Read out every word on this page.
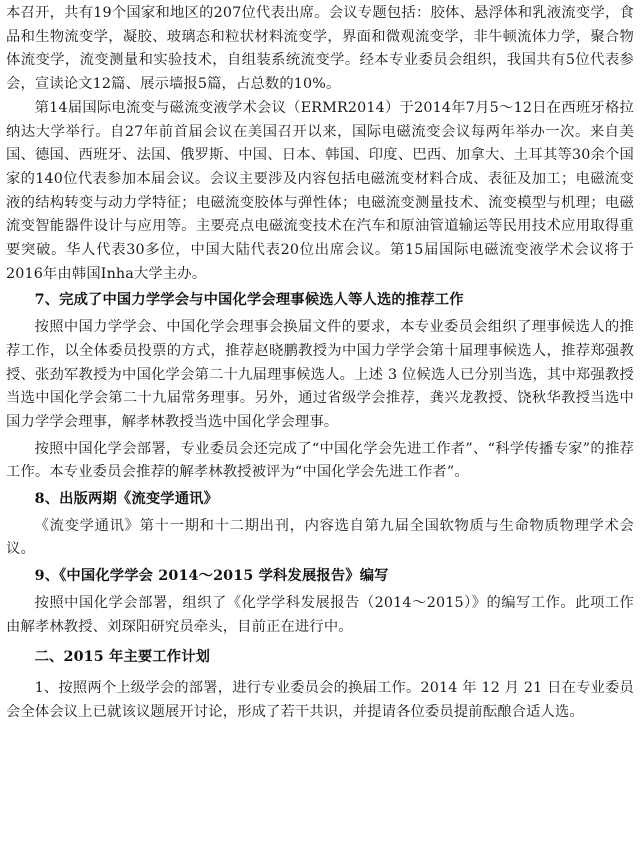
本召开，共有19个国家和地区的207位代表出席。会议专题包括：胶体、悬浮体和乳液流变学，食品和生物流变学，凝胶、玻璃态和粒状材料流变学，界面和微观流变学，非牛顿流体力学，聚合物体流变学，流变测量和实验技术，自组装系统流变学。经本专业委员会组织，我国共有5位代表参会，宣读论文12篇、展示墙报5篇，占总数的10%。

第14届国际电流变与磁流变液学术会议（ERMR2014）于2014年7月5～12日在西班牙格拉纳达大学举行。自27年前首届会议在美国召开以来，国际电磁流变会议每两年举办一次。来自美国、德国、西班牙、法国、俄罗斯、中国、日本、韩国、印度、巴西、加拿大、土耳其等30余个国家的140位代表参加本届会议。会议主要涉及内容包括电磁流变材料合成、表征及加工；电磁流变液的结构转变与动力学特征；电磁流变胶体与弹性体；电磁流变测量技术、流变模型与机理；电磁流变智能器件设计与应用等。主要亮点电磁流变技术在汽车和原油管道输运等民用技术应用取得重要突破。华人代表30多位，中国大陆代表20位出席会议。第15届国际电磁流变液学术会议将于2016年由韩国Inha大学主办。

7、完成了中国力学学会与中国化学会理事候选人等人选的推荐工作

按照中国力学学会、中国化学会理事会换届文件的要求，本专业委员会组织了理事候选人的推荐工作，以全体委员投票的方式，推荐赵晓鹏教授为中国力学学会第十届理事候选人，推荐郑强教授、张劲军教授为中国化学会第二十九届理事候选人。上述 3 位候选人已分别当选，其中郑强教授当选中国化学会第二十九届常务理事。另外，通过省级学会推荐，龚兴龙教授、饶秋华教授当选中国力学学会理事，解孝林教授当选中国化学会理事。

按照中国化学会部署，专业委员会还完成了“中国化学会先进工作者”、“科学传播专家”的推荐工作。本专业委员会推荐的解孝林教授被评为“中国化学会先进工作者”。

8、出版两期《流变学通讯》

《流变学通讯》第十一期和十二期出刊，内容选自第九届全国软物质与生命物质物理学术会议。

9、《中国化学学会 2014～2015 学科发展报告》编写

按照中国化学会部署，组织了《化学学科发展报告（2014～2015）》的编写工作。此项工作由解孝林教授、刘琛阳研究员牵头，目前正在进行中。

二、2015 年主要工作计划

1、按照两个上级学会的部署，进行专业委员会的换届工作。2014 年 12 月 21 日在专业委员会全体会议上已就该议题展开讨论，形成了若干共识，并提请各位委员提前酝酿合适人选。
